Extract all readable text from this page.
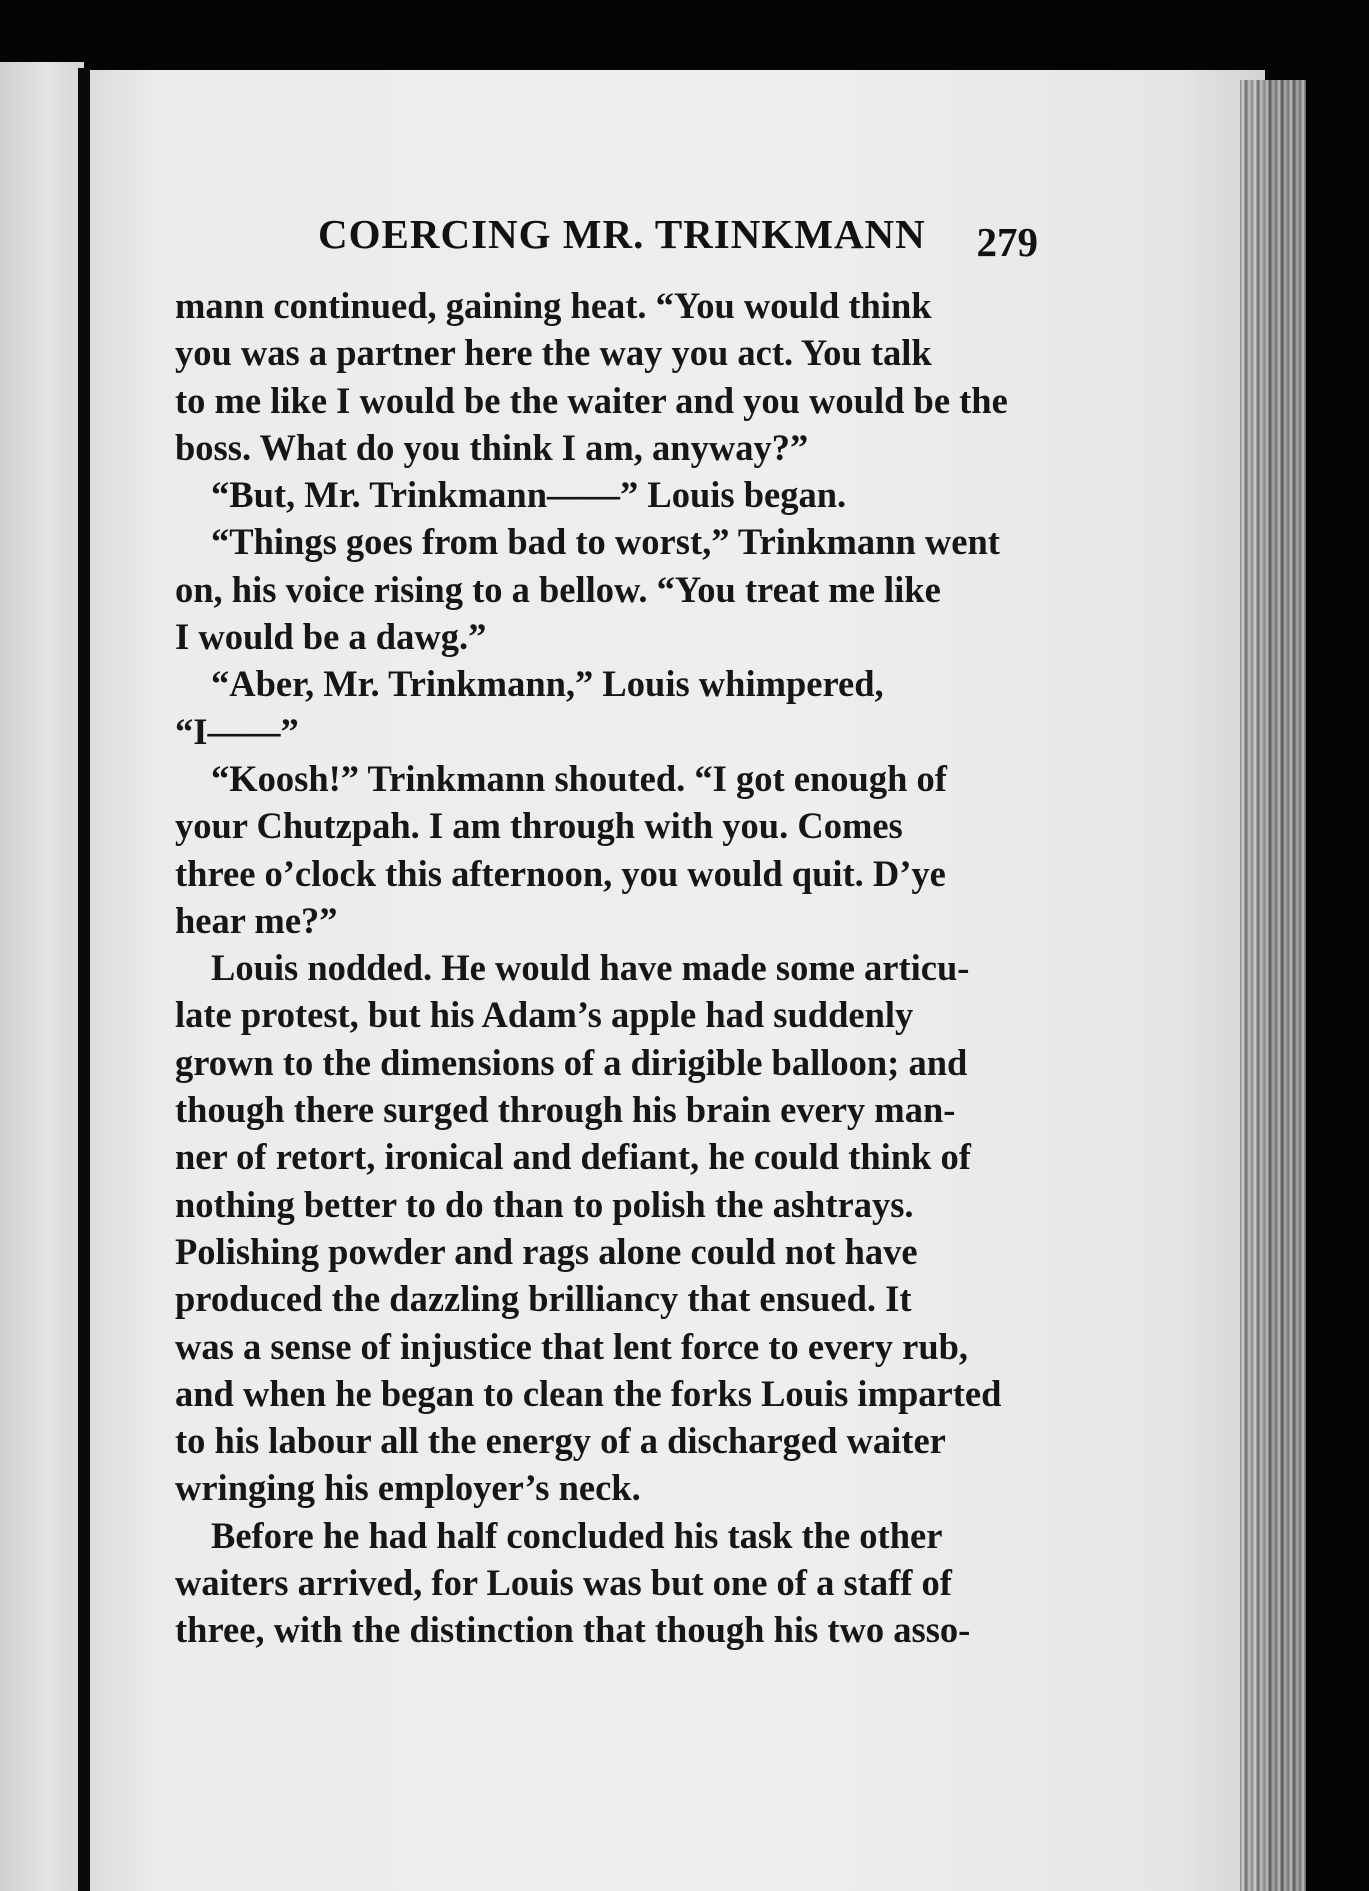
COERCING MR. TRINKMANN 279
mann continued, gaining heat. “You would think
you was a partner here the way you act. You talk
to me like I would be the waiter and you would be the
boss. What do you think I am, anyway?”
“But, Mr. Trinkmann——” Louis began.
“Things goes from bad to worst,” Trinkmann went
on, his voice rising to a bellow. “You treat me like
I would be a dawg.”
“Aber, Mr. Trinkmann,” Louis whimpered,
“I——”
“Koosh!” Trinkmann shouted. “I got enough of
your Chutzpah. I am through with you. Comes
three o’clock this afternoon, you would quit. D’ye
hear me?”
Louis nodded. He would have made some articu-
late protest, but his Adam’s apple had suddenly
grown to the dimensions of a dirigible balloon; and
though there surged through his brain every man-
ner of retort, ironical and defiant, he could think of
nothing better to do than to polish the ashtrays.
Polishing powder and rags alone could not have
produced the dazzling brilliancy that ensued. It
was a sense of injustice that lent force to every rub,
and when he began to clean the forks Louis imparted
to his labour all the energy of a discharged waiter
wringing his employer’s neck.
Before he had half concluded his task the other
waiters arrived, for Louis was but one of a staff of
three, with the distinction that though his two asso-
